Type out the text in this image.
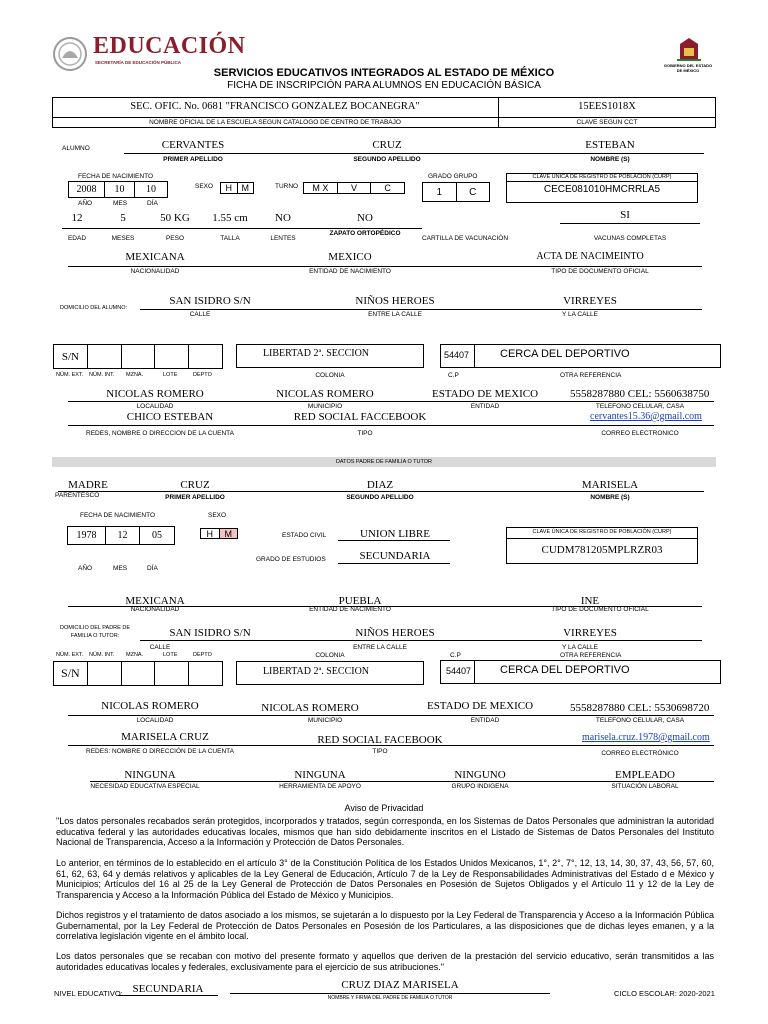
EDUCACIÓN
SECRETARÍA DE EDUCACIÓN PÚBLICA
GOBIERNO DEL ESTADO DE MÉXICO
SERVICIOS EDUCATIVOS INTEGRADOS AL ESTADO DE MÉXICO
FICHA DE INSCRIPCIÓN PARA ALUMNOS EN EDUCACIÓN BÁSICA
SEC. OFIC. No. 0681 "FRANCISCO GONZALEZ BOCANEGRA"	15EES1018X
NOMBRE OFICIAL DE LA ESCUELA SEGUN CATALOGO DE CENTRO DE TRABAJO	CLAVE SEGUN CCT
ALUMNO	CERVANTES	CRUZ	ESTEBAN
PRIMER APELLIDO	SEGUNDO APELLIDO	NOMBRE (S)
FECHA DE NACIMIENTO
2008	10	10
AÑO	MES	DÍA
SEXO	H	M	TURNO	M X	V	C
GRADO GRUPO
1	C
CLAVE ÚNICA DE REGISTRO DE POBLACIÓN (CURP)
CECE081010HMCRRLA5
12	5	50 KG	1.55 cm	NO	NO	SI
EDAD	MESES	PESO	TALLA	LENTES
ZAPATO ORTOPÉDICO
CARTILLA DE VACUNACIÓN	VACUNAS COMPLETAS
MEXICANA	MEXICO	ACTA DE NACIMEINTO
NACIONALIDAD	ENTIDAD DE NACIMIENTO	TIPO DE DOCUMENTO OFICIAL
DOMICILIO DEL ALUMNO:
SAN ISIDRO S/N	NIÑOS HEROES	VIRREYES
CALLE	ENTRE LA CALLE	Y LA CALLE
S/N	LIBERTAD 2ª. SECCION	54407	CERCA DEL DEPORTIVO
NÚM. EXT. NÚM. INT. MZNA.	LOTE	DEPTO	COLONIA	C.P	OTRA REFERENCIA
NICOLAS ROMERO	NICOLAS ROMERO	ESTADO DE MEXICO	5558287880 CEL: 5560638750
LOCALIDAD	MUNICIPIO	ENTIDAD	TELEFONO CELULAR, CASA
CHICO ESTEBAN	RED SOCIAL FACCEBOOK	cervantes15.36@gmail.com
REDES, NOMBRE O DIRECCION DE LA CUENTA	TIPO	CORREO ELECTRONICO
DATOS PADRE DE FAMILIA O TUTOR
MADRE	CRUZ	DIAZ	MARISELA
PARENTESCO	PRIMER APELLIDO	SEGUNDO APELLIDO	NOMBRE (S)
FECHA DE NACIMIENTO	SEXO
1978	12	05	H	M
AÑO	MES	DÍA
ESTADO CIVIL	UNION LIBRE
GRADO DE ESTUDIOS	SECUNDARIA
CLAVE ÚNICA DE REGISTRO DE POBLACIÓN (CURP)
CUDM781205MPLRZR03
MEXICANA	PUEBLA	INE
NACIONALIDAD	ENTIDAD DE NACIMIENTO	TIPO DE DOCUMENTO OFICIAL
DOMICILIO DEL PADRE DE FAMILIA O TUTOR:	SAN ISIDRO S/N	NIÑOS HEROES	VIRREYES
CALLE	ENTRE LA CALLE	Y LA CALLE
NÚM. EXT. NÚM. INT. MZNA.	LOTE	DEPTO	COLONIA	C.P	OTRA REFERENCIA
S/N	LIBERTAD 2ª. SECCION	54407	CERCA DEL DEPORTIVO
NICOLAS ROMERO	NICOLAS ROMERO	ESTADO DE MEXICO	5558287880 CEL: 5530698720
LOCALIDAD	MUNICIPIO	ENTIDAD	TELEFONO CELULAR, CASA
MARISELA CRUZ	RED SOCIAL FACEBOOK	marisela.cruz.1978@gmail.com
REDES: NOMBRE O DIRECCIÓN DE LA CUENTA	TIPO	CORREO ELECTRÓNICO
NINGUNA	NINGUNA	NINGUNO	EMPLEADO
NECESIDAD EDUCATIVA ESPECIAL	HERRAMIENTA DE APOYO	GRUPO INDIGENA	SITUACIÓN LABORAL
Aviso de Privacidad
"Los datos personales recabados serán protegidos, incorporados y tratados, según corresponda, en los Sistemas de Datos Personales que administran la autoridad educativa federal y las autoridades educativas locales, mismos que han sido debidamente inscritos en el Listado de Sistemas de Datos Personales del Instituto Nacional de Transparencia, Acceso a la Información y Protección de Datos Personales.
Lo anterior, en términos de lo establecido en el artículo 3° de la Constitución Política de los Estados Unidos Mexicanos, 1°, 2°, 7°, 12, 13, 14, 30, 37, 43, 56, 57, 60, 61, 62, 63, 64 y demás relativos y aplicables de la Ley General de Educación, Artículo 7 de la Ley de Responsabilidades Administrativas del Estado d e México y Municipios; Artículos del 16 al 25 de la Ley General de Protección de Datos Personales en Posesión de Sujetos Obligados y el Artículo 11 y 12 de la Ley de Transparencia y Acceso a la Información Pública del Estado de México y Municipios.
Dichos registros y el tratamiento de datos asociado a los mismos, se sujetarán a lo dispuesto por la Ley Federal de Transparencia y Acceso a la Información Pública Gubernamental, por la Ley Federal de Protección de Datos Personales en Posesión de los Particulares, a las disposiciones que de dichas leyes emanen, y a la correlativa legislación vigente en el ámbito local.
Los datos personales que se recaban con motivo del presente formato y aquellos que deriven de la prestación del servicio educativo, serán transmitidos a las autoridades educativas locales y federales, exclusivamente para el ejercicio de sus atribuciones."
NIVEL EDUCATIVO: SECUNDARIA	CRUZ DIAZ MARISELA
NOMBRE Y FIRMA DEL PADRE DE FAMILIA O TUTOR	CICLO ESCOLAR: 2020-2021
